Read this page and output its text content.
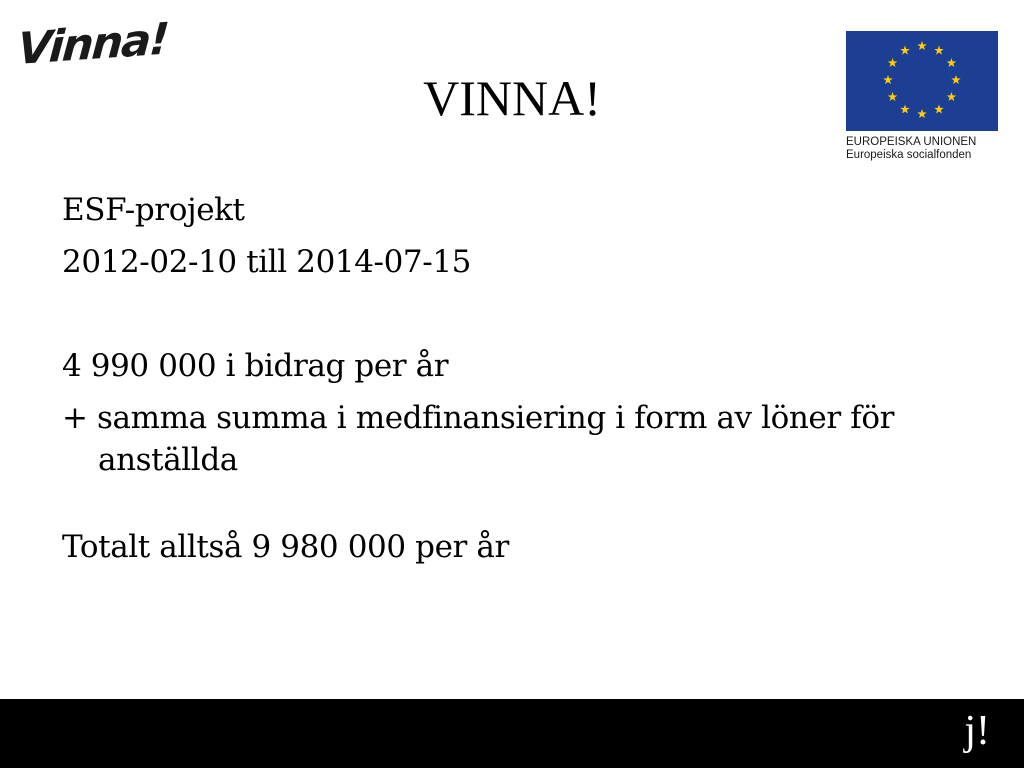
Vinna!
VINNA!
EUROPEISKA UNIONEN
Europeiska socialfonden

ESF-projekt

2012-02-10 till 2014-07-15

4 990 000 i bidrag per år

+ samma summa i medfinansiering i form av löner för anställda

Totalt alltså 9 980 000 per år

j!
